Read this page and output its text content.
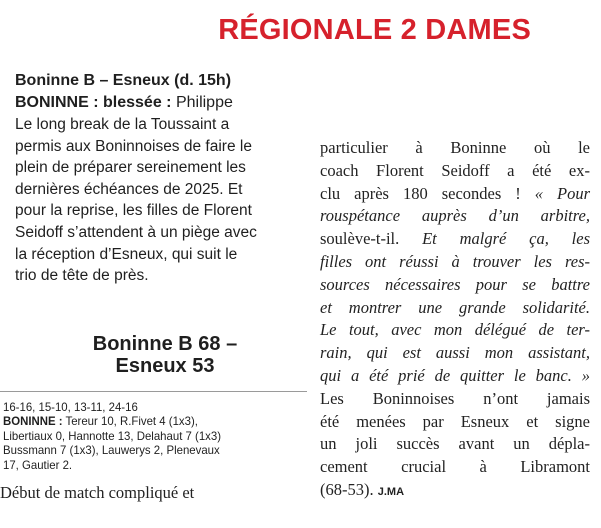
RÉGIONALE 2 DAMES
Boninne B – Esneux (d. 15h)
BONINNE : blessée : Philippe

Le long break de la Toussaint a
permis aux Boninnoises de faire le
plein de préparer sereinement les
dernières échéances de 2025. Et
pour la reprise, les filles de Florent
Seidoff s’attendent à un piège avec
la réception d’Esneux, qui suit le
trio de tête de près.

Boninne B 68 –
Esneux 53
16-16, 15-10, 13-11, 24-16
BONINNE : Tereur 10, R.Fivet 4 (1x3),
Libertiaux 0, Hannotte 13, Delahaut 7 (1x3)
Bussmann 7 (1x3), Lauwerys 2, Plenevaux
17, Gautier 2.
Début de match compliqué et
particulier à Boninne où le
coach Florent Seidoff a été ex-
clu après 180 secondes ! « Pour
rouspétance auprès d’un arbitre,
soulève-t-il. Et malgré ça, les
filles ont réussi à trouver les res-
sources nécessaires pour se battre
et montrer une grande solidarité.
Le tout, avec mon délégué de ter-
rain, qui est aussi mon assistant,
qui a été prié de quitter le banc. »
Les Boninnoises n’ont jamais
été menées par Esneux et signe
un joli succès avant un dépla-
cement crucial à Libramont
(68-53). J.MA
